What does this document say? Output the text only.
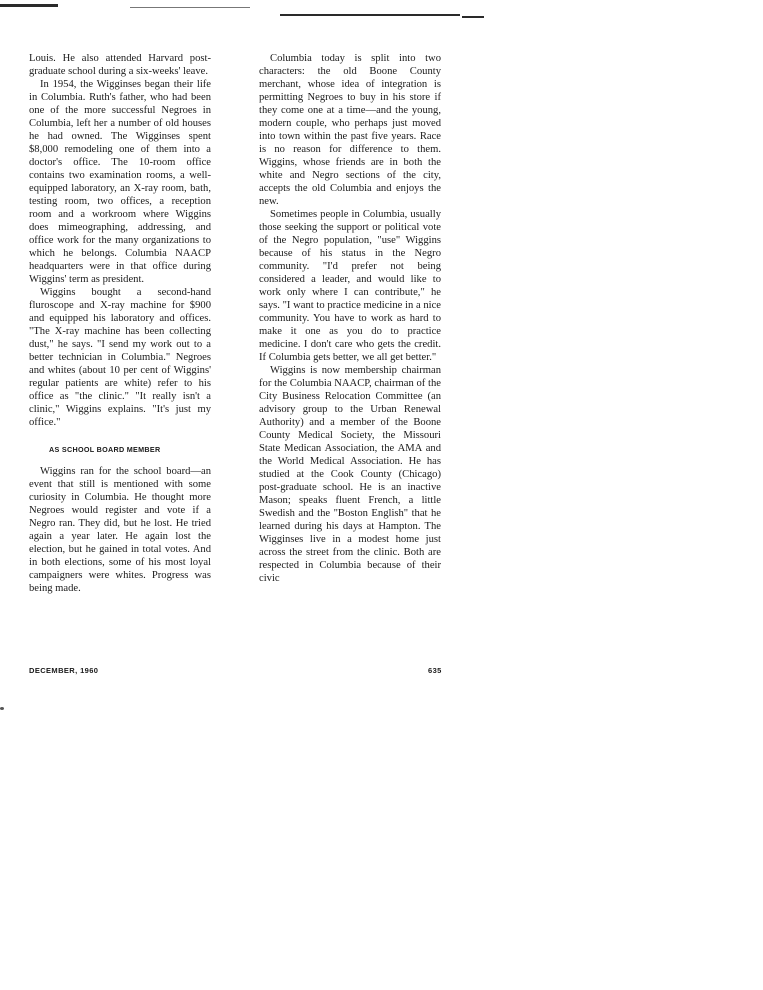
Louis. He also attended Harvard post-graduate school during a six-weeks' leave.

In 1954, the Wigginses began their life in Columbia. Ruth's father, who had been one of the more successful Negroes in Columbia, left her a number of old houses he had owned. The Wigginses spent $8,000 remodeling one of them into a doctor's office. The 10-room office contains two examination rooms, a well-equipped laboratory, an X-ray room, bath, testing room, two offices, a reception room and a workroom where Wiggins does mimeographing, addressing, and office work for the many organizations to which he belongs. Columbia NAACP headquarters were in that office during Wiggins' term as president.

Wiggins bought a second-hand fluroscope and X-ray machine for $900 and equipped his laboratory and offices. "The X-ray machine has been collecting dust," he says. "I send my work out to a better technician in Columbia." Negroes and whites (about 10 per cent of Wiggins' regular patients are white) refer to his office as "the clinic." "It really isn't a clinic," Wiggins explains. "It's just my office."

AS SCHOOL BOARD MEMBER

Wiggins ran for the school board—an event that still is mentioned with some curiosity in Columbia. He thought more Negroes would register and vote if a Negro ran. They did, but he lost. He tried again a year later. He again lost the election, but he gained in total votes. And in both elections, some of his most loyal campaigners were whites. Progress was being made.

Columbia today is split into two characters: the old Boone County merchant, whose idea of integration is permitting Negroes to buy in his store if they come one at a time—and the young, modern couple, who perhaps just moved into town within the past five years. Race is no reason for difference to them. Wiggins, whose friends are in both the white and Negro sections of the city, accepts the old Columbia and enjoys the new.

Sometimes people in Columbia, usually those seeking the support or political vote of the Negro population, "use" Wiggins because of his status in the Negro community. "I'd prefer not being considered a leader, and would like to work only where I can contribute," he says. "I want to practice medicine in a nice community. You have to work as hard to make it one as you do to practice medicine. I don't care who gets the credit. If Columbia gets better, we all get better."

Wiggins is now membership chairman for the Columbia NAACP, chairman of the City Business Relocation Committee (an advisory group to the Urban Renewal Authority) and a member of the Boone County Medical Society, the Missouri State Medican Association, the AMA and the World Medical Association. He has studied at the Cook County (Chicago) post-graduate school. He is an inactive Mason; speaks fluent French, a little Swedish and the "Boston English" that he learned during his days at Hampton. The Wigginses live in a modest home just across the street from the clinic. Both are respected in Columbia because of their civic

DECEMBER, 1960	635
